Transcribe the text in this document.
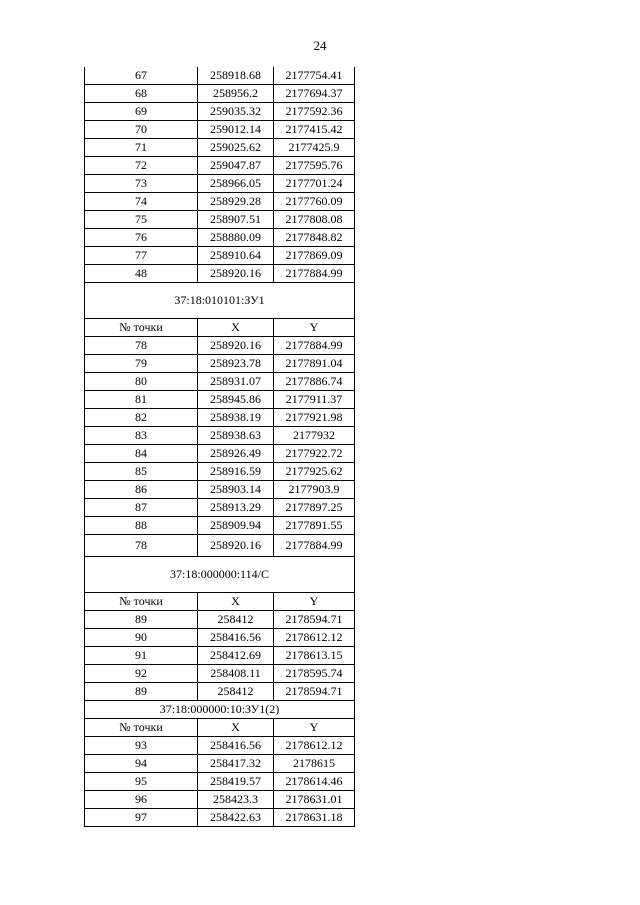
24
67	258918.68	2177754.41
68	258956.2	2177694.37
69	259035.32	2177592.36
70	259012.14	2177415.42
71	259025.62	2177425.9
72	259047.87	2177595.76
73	258966.05	2177701.24
74	258929.28	2177760.09
75	258907.51	2177808.08
76	258880.09	2177848.82
77	258910.64	2177869.09
48	258920.16	2177884.99
37:18:010101:ЗУ1		
№ точки	X	Y
78	258920.16	2177884.99
79	258923.78	2177891.04
80	258931.07	2177886.74
81	258945.86	2177911.37
82	258938.19	2177921.98
83	258938.63	2177932
84	258926.49	2177922.72
85	258916.59	2177925.62
86	258903.14	2177903.9
87	258913.29	2177897.25
88	258909.94	2177891.55
78	258920.16	2177884.99
37:18:000000:114/С		
№ точки	X	Y
89	258412	2178594.71
90	258416.56	2178612.12
91	258412.69	2178613.15
92	258408.11	2178595.74
89	258412	2178594.71
37:18:000000:10:ЗУ1(2)		
№ точки	X	Y
93	258416.56	2178612.12
94	258417.32	2178615
95	258419.57	2178614.46
96	258423.3	2178631.01
97	258422.63	2178631.18
